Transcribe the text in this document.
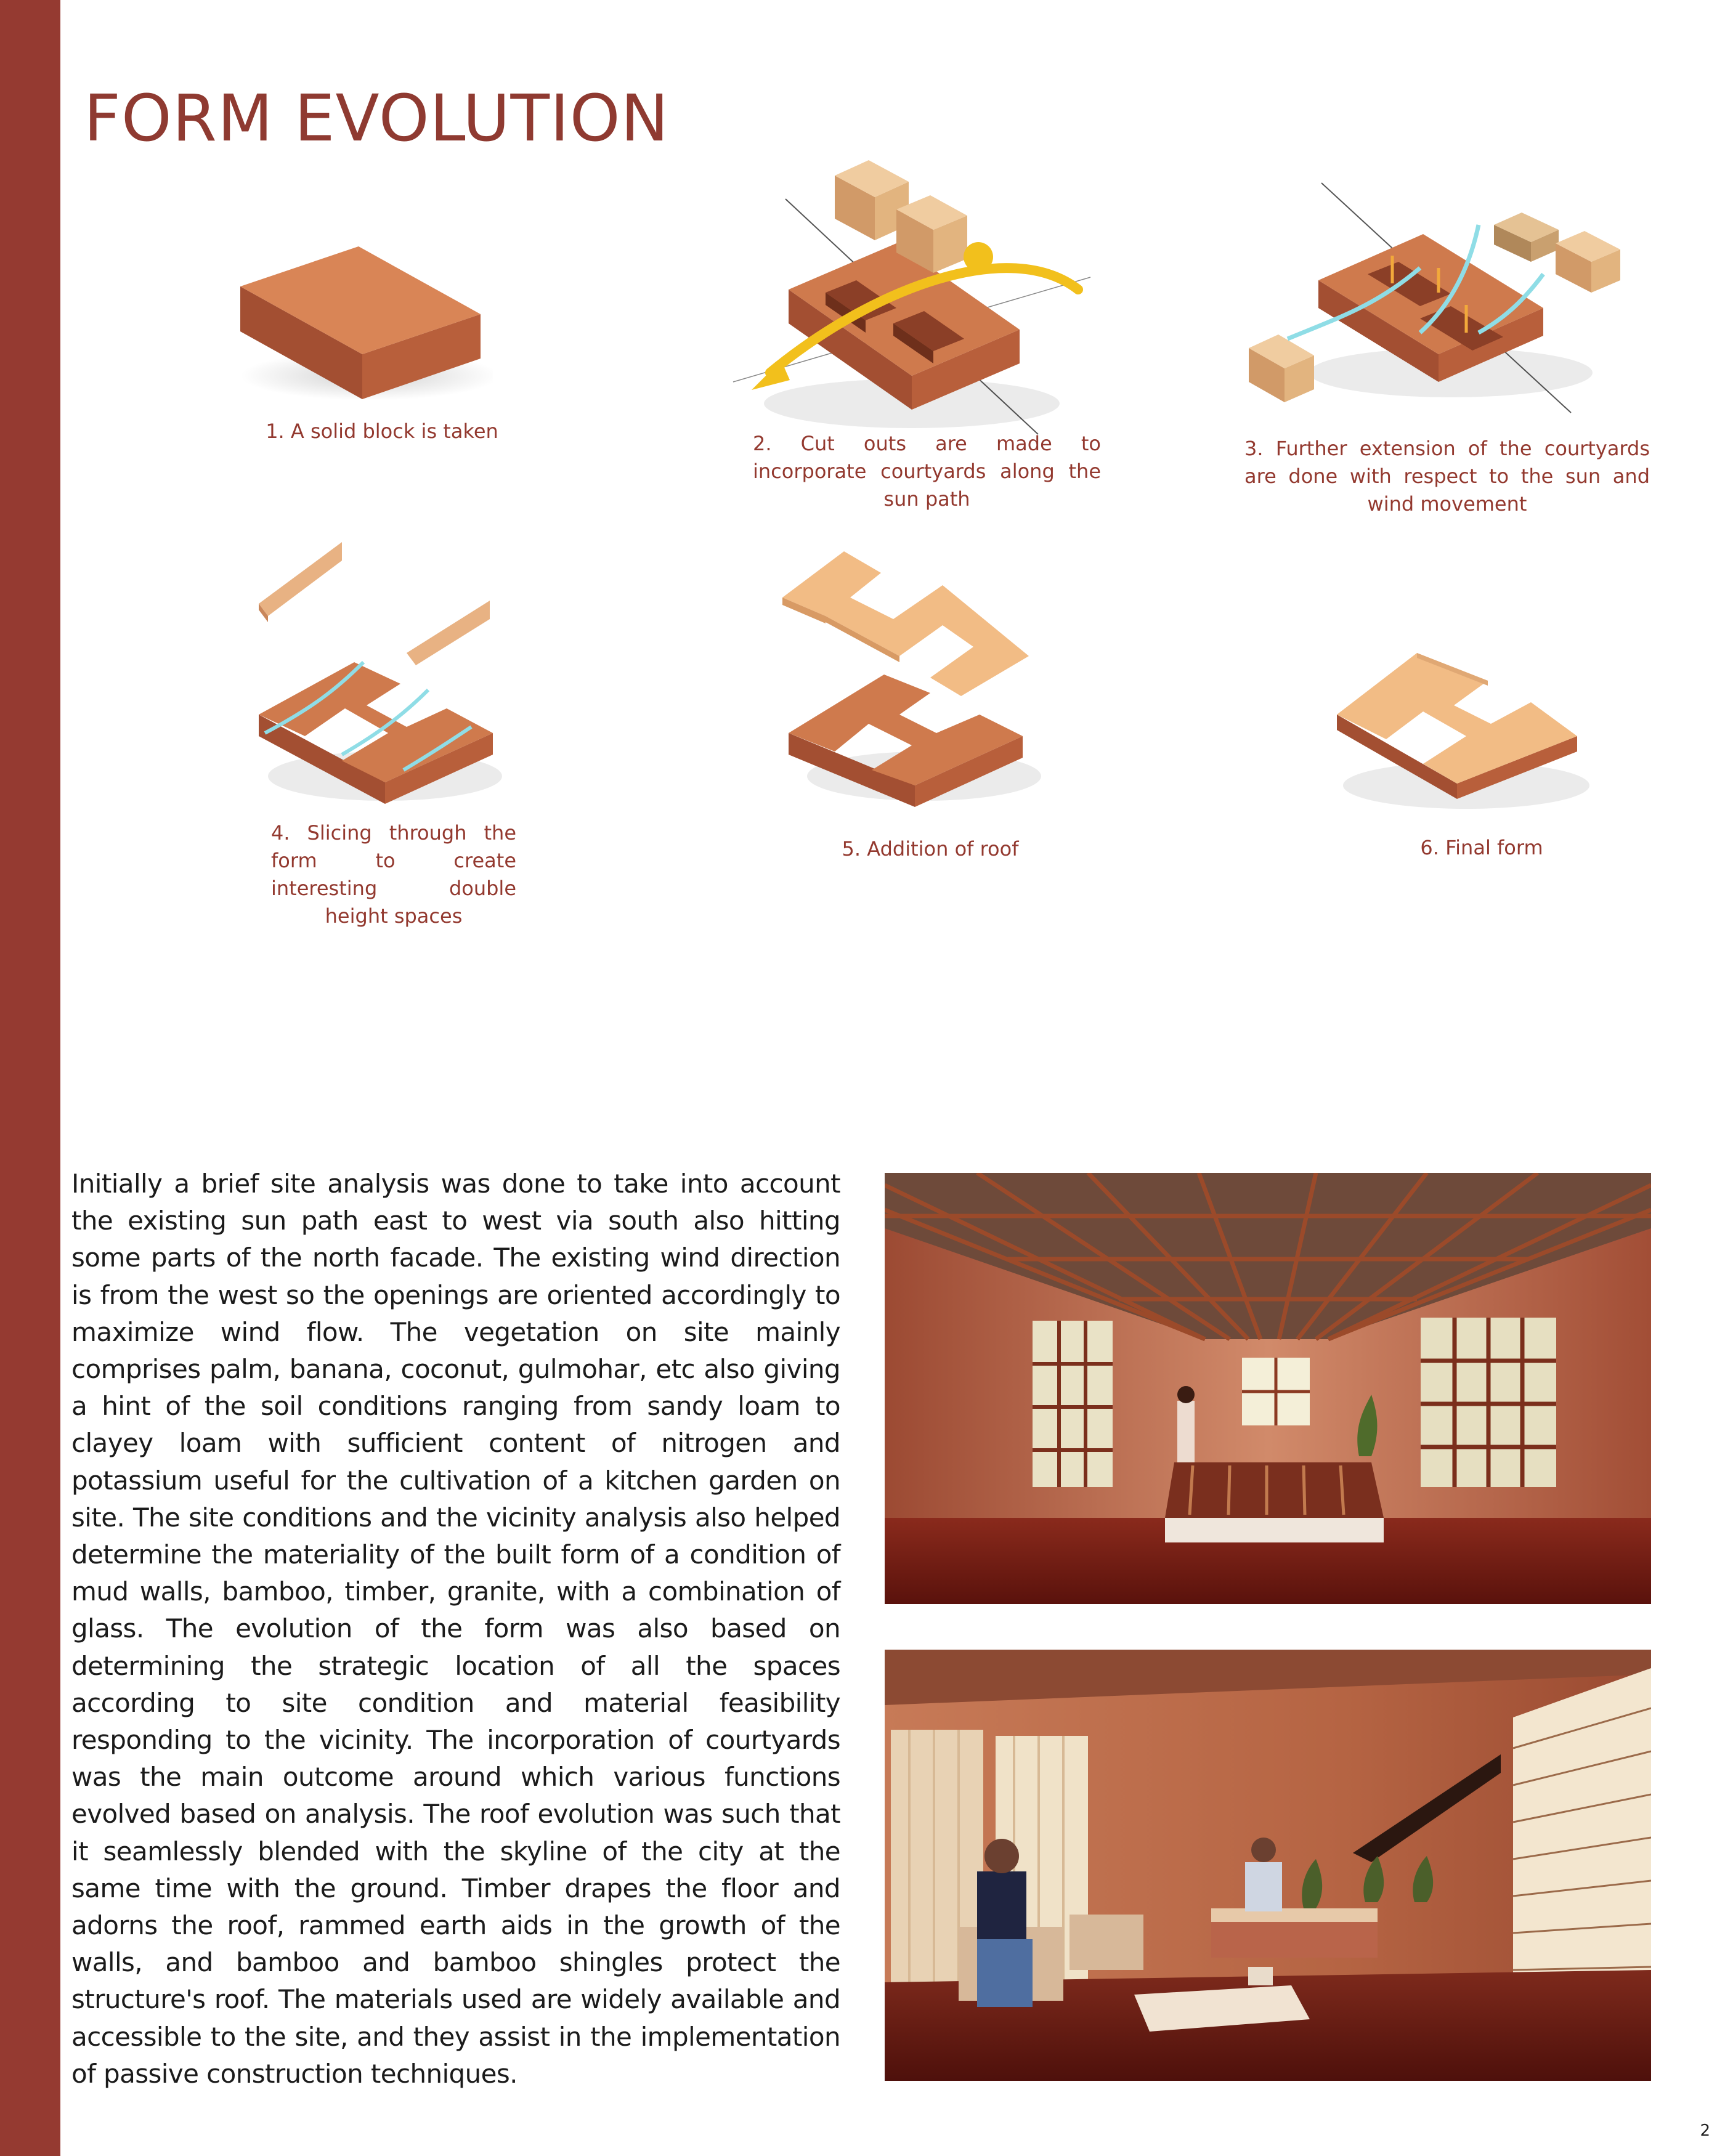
FORM EVOLUTION
1. A solid block is taken
2. Cut outs are made to incorporate courtyards along the sun path
3. Further extension of the courtyards are done with respect to the sun and wind movement
4. Slicing through the form to create interesting double height spaces
5. Addition of roof	6. Final form

Initially a brief site analysis was done to take into account the existing sun path east to west via south also hitting some parts of the north facade. The existing wind direction is from the west so the openings are oriented accordingly to maximize wind flow. The vegetation on site mainly comprises palm, banana, coconut, gulmohar, etc also giving a hint of the soil conditions ranging from sandy loam to clayey loam with sufficient content of nitrogen and potassium useful for the cultivation of a kitchen garden on site. The site conditions and the vicinity analysis also helped determine the materiality of the built form of a condition of mud walls, bamboo, timber, granite, with a combination of glass. The evolution of the form was also based on determining the strategic location of all the spaces according to site condition and material feasibility responding to the vicinity. The incorporation of courtyards was the main outcome around which various functions evolved based on analysis. The roof evolution was such that it seamlessly blended with the skyline of the city at the same time with the ground. Timber drapes the floor and adorns the roof, rammed earth aids in the growth of the walls, and bamboo and bamboo shingles protect the structure's roof. The materials used are widely available and accessible to the site, and they assist in the implementation of passive construction techniques.

2
